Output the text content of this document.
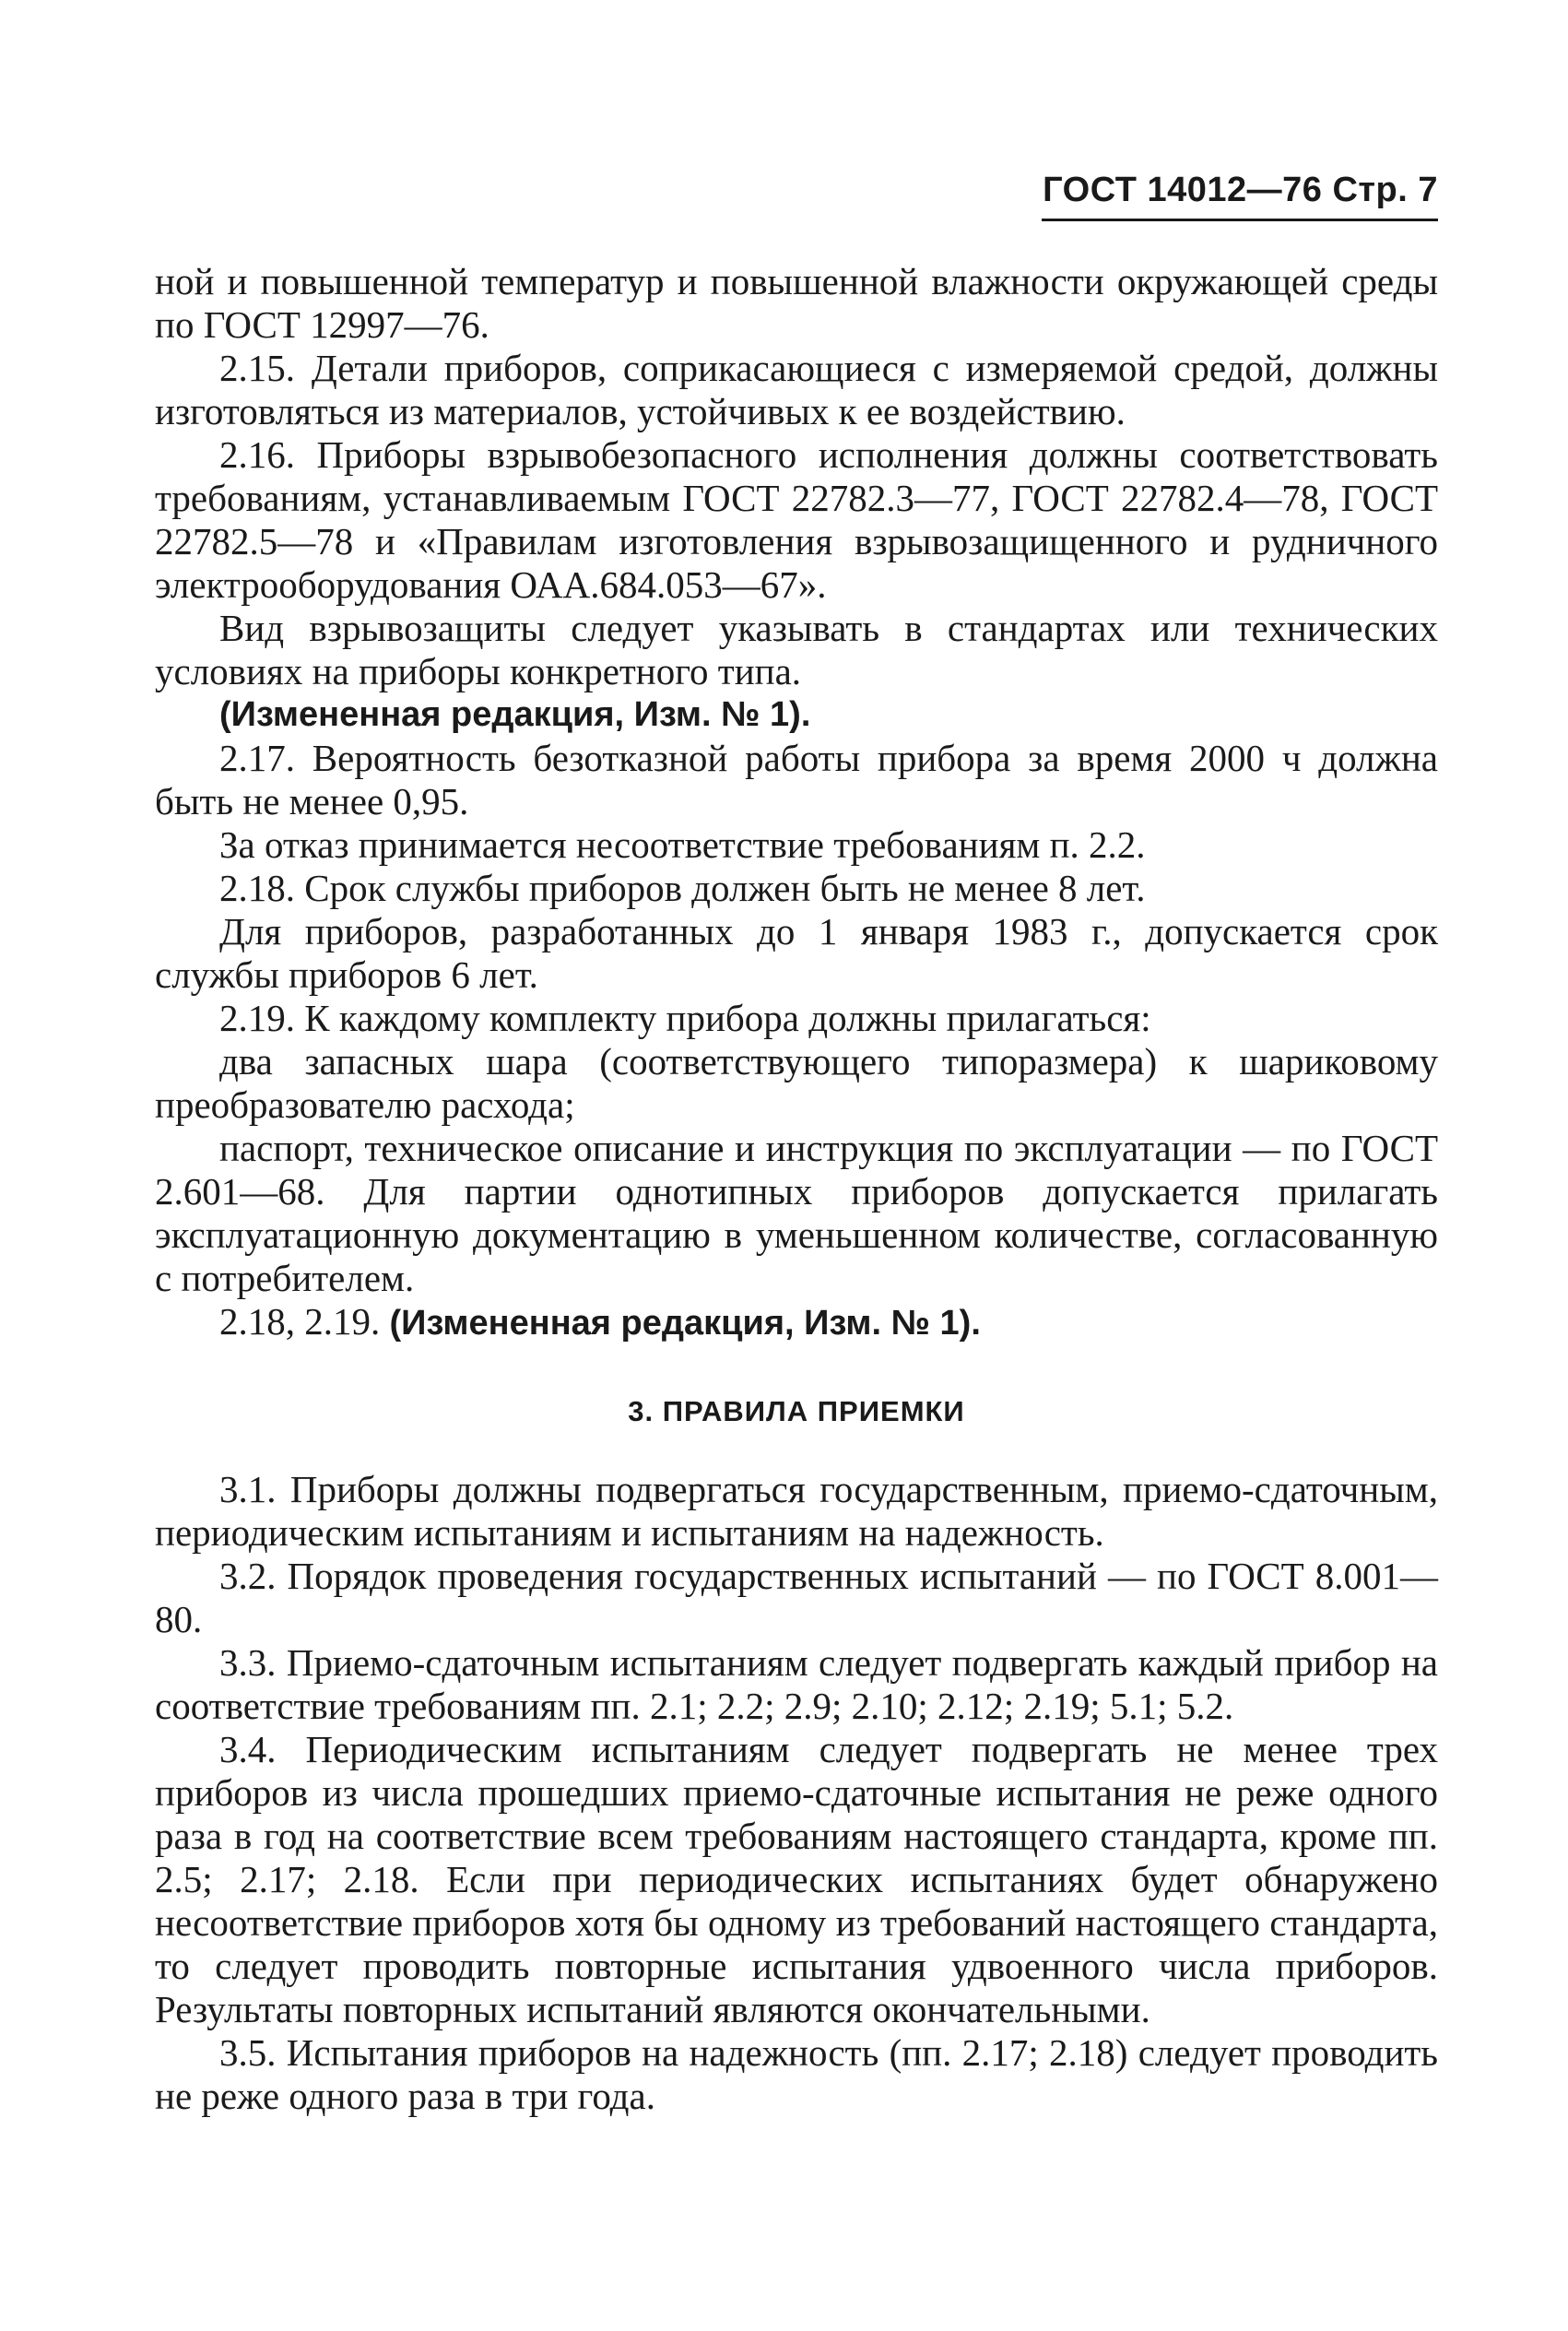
ГОСТ 14012—76 Стр. 7

ной и повышенной температур и повышенной влажности окружающей среды по ГОСТ 12997—76.

2.15. Детали приборов, соприкасающиеся с измеряемой средой, должны изготовляться из материалов, устойчивых к ее воздействию.

2.16. Приборы взрывобезопасного исполнения должны соответствовать требованиям, устанавливаемым ГОСТ 22782.3—77, ГОСТ 22782.4—78, ГОСТ 22782.5—78 и «Правилам изготовления взрывозащищенного и рудничного электрооборудования ОАА.684.053—67».

Вид взрывозащиты следует указывать в стандартах или технических условиях на приборы конкретного типа.

(Измененная редакция, Изм. № 1).

2.17. Вероятность безотказной работы прибора за время 2000 ч должна быть не менее 0,95.

За отказ принимается несоответствие требованиям п. 2.2.

2.18. Срок службы приборов должен быть не менее 8 лет.

Для приборов, разработанных до 1 января 1983 г., допускается срок службы приборов 6 лет.

2.19. К каждому комплекту прибора должны прилагаться:

два запасных шара (соответствующего типоразмера) к шариковому преобразователю расхода;

паспорт, техническое описание и инструкция по эксплуатации — по ГОСТ 2.601—68. Для партии однотипных приборов допускается прилагать эксплуатационную документацию в уменьшенном количестве, согласованную с потребителем.

2.18, 2.19. (Измененная редакция, Изм. № 1).

3. ПРАВИЛА ПРИЕМКИ

3.1. Приборы должны подвергаться государственным, приемо-сдаточным, периодическим испытаниям и испытаниям на надежность.

3.2. Порядок проведения государственных испытаний — по ГОСТ 8.001—80.

3.3. Приемо-сдаточным испытаниям следует подвергать каждый прибор на соответствие требованиям пп. 2.1; 2.2; 2.9; 2.10; 2.12; 2.19; 5.1; 5.2.

3.4. Периодическим испытаниям следует подвергать не менее трех приборов из числа прошедших приемо-сдаточные испытания не реже одного раза в год на соответствие всем требованиям настоящего стандарта, кроме пп. 2.5; 2.17; 2.18. Если при периодических испытаниях будет обнаружено несоответствие приборов хотя бы одному из требований настоящего стандарта, то следует проводить повторные испытания удвоенного числа приборов. Результаты повторных испытаний являются окончательными.

3.5. Испытания приборов на надежность (пп. 2.17; 2.18) следует проводить не реже одного раза в три года.
